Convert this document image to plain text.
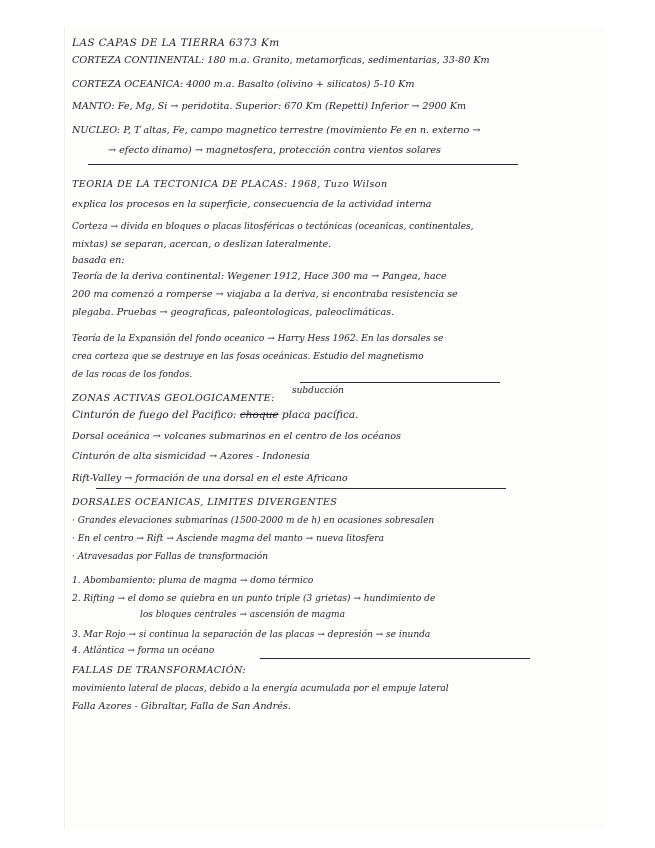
LAS CAPAS DE LA TIERRA 6373 Km
CORTEZA CONTINENTAL: 180 m.a. Granito, metamorficas, sedimentarias, 33-80 Km
CORTEZA OCEANICA: 4000 m.a. Basalto (olivino + silicatos) 5-10 Km
MANTO: Fe, Mg, Si → peridotita. Superior: 670 Km (Repetti) Inferior → 2900 Km
NUCLEO: P, T altas, Fe, campo magnetico terrestre (movimiento Fe en n. externo →
→ efecto dinamo) → magnetosfera, protección contra vientos solares
TEORIA DE LA TECTONICA DE PLACAS: 1968, Tuzo Wilson
explica los procesos en la superficie, consecuencia de la actividad interna
Corteza → divida en bloques o placas litosféricas o tectónicas (oceanicas, continentales,
mixtas) se separan, acercan, o deslizan lateralmente.
basada en:
Teoría de la deriva continental: Wegener 1912, Hace 300 ma → Pangea, hace
200 ma comenzó a romperse → viajaba a la deriva, si encontraba resistencia se
plegaba. Pruebas → geograficas, paleontologicas, paleoclimáticas.
Teoría de la Expansión del fondo oceanico → Harry Hess 1962. En las dorsales se
crea corteza que se destruye en las fosas oceánicas. Estudio del magnetismo
de las rocas de los fondos.
ZONAS ACTIVAS GEOLOGICAMENTE:
subducción
Cinturón de fuego del Pacifico: choque placa pacífica.
Dorsal oceánica → volcanes submarinos en el centro de los océanos
Cinturón de alta sismicidad → Azores - Indonesia
Rift-Valley → formación de una dorsal en el este Africano
DORSALES OCEANICAS, LIMITES DIVERGENTES
· Grandes elevaciones submarinas (1500-2000 m de h) en ocasiones sobresalen
· En el centro → Rift → Asciende magma del manto → nueva litosfera
· Atravesadas por Fallas de transformación
1. Abombamiento: pluma de magma → domo térmico
2. Rifting → el domo se quiebra en un punto triple (3 grietas) → hundimiento de
los bloques centrales → ascensión de magma
3. Mar Rojo → si continua la separación de las placas → depresión → se inunda
4. Atlántica → forma un océano
FALLAS DE TRANSFORMACIÓN:
movimiento lateral de placas, debido a la energía acumulada por el empuje lateral
Falla Azores - Gibraltar, Falla de San Andrés.
